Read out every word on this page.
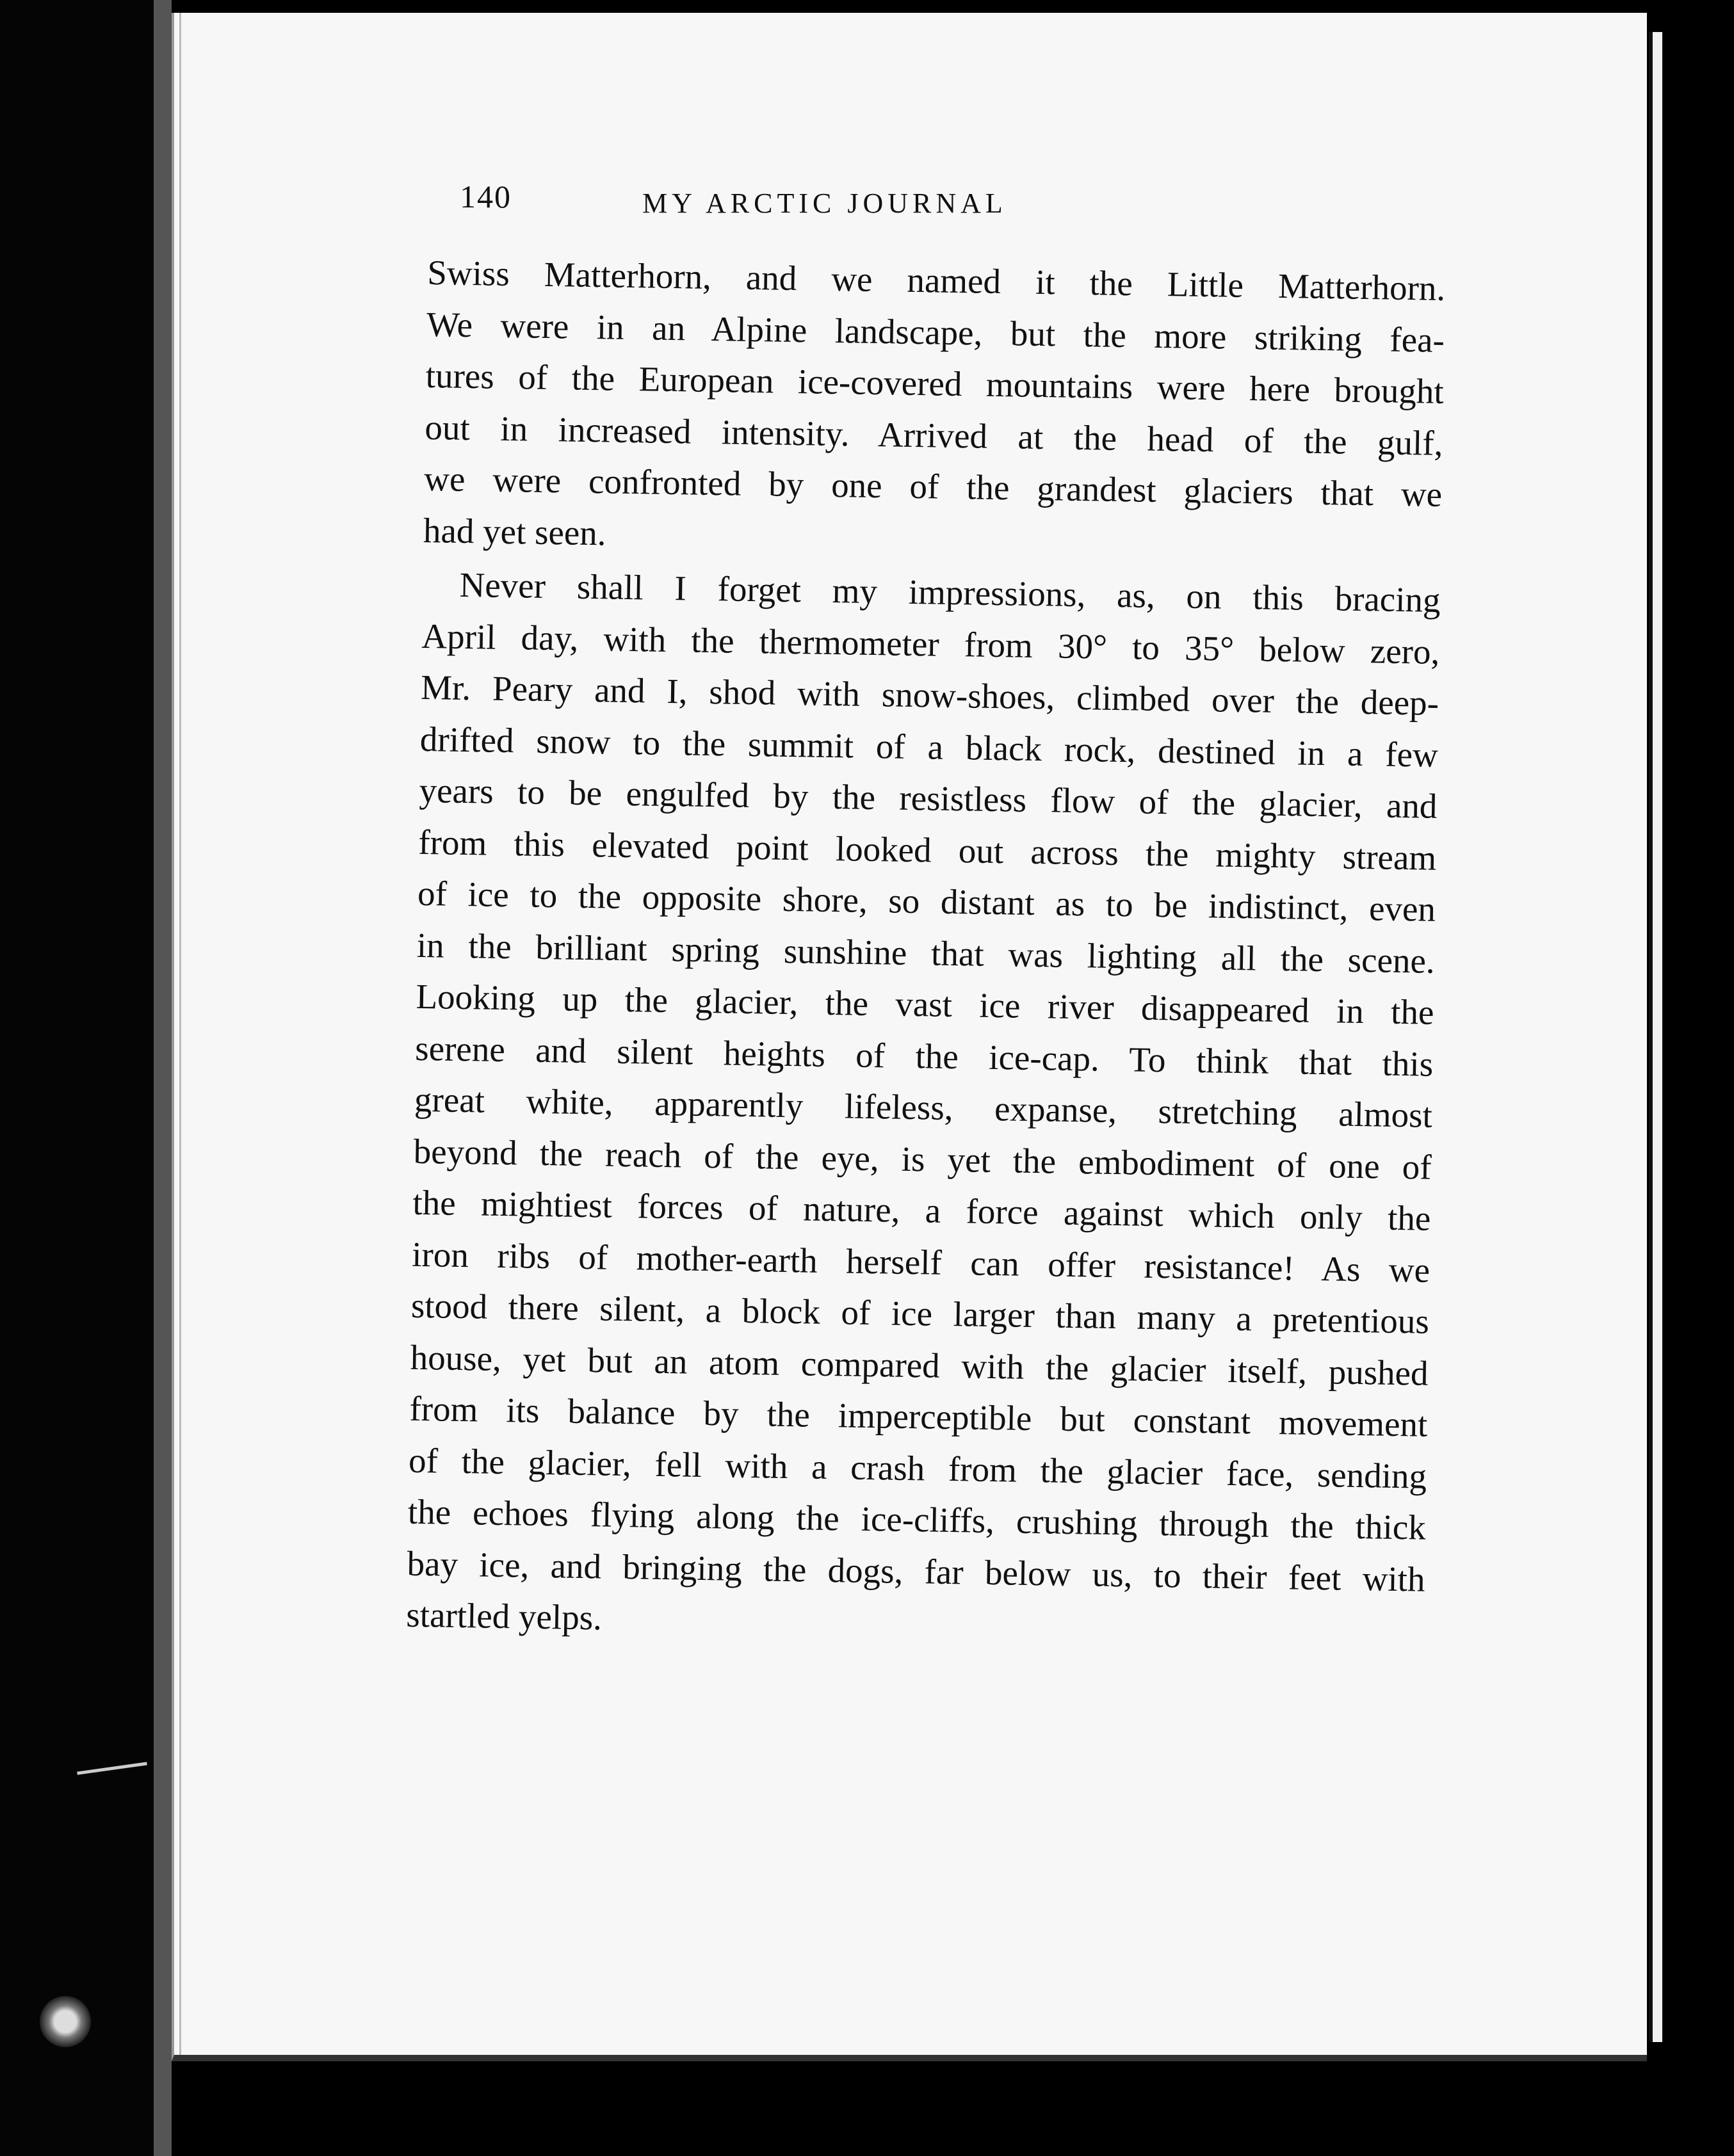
140	MY ARCTIC JOURNAL
Swiss Matterhorn, and we named it the Little Matterhorn.
We were in an Alpine landscape, but the more striking fea-
tures of the European ice-covered mountains were here brought
out in increased intensity. Arrived at the head of the gulf,
we were confronted by one of the grandest glaciers that we
had yet seen.
Never shall I forget my impressions, as, on this bracing
April day, with the thermometer from 30° to 35° below zero,
Mr. Peary and I, shod with snow-shoes, climbed over the deep-
drifted snow to the summit of a black rock, destined in a few
years to be engulfed by the resistless flow of the glacier, and
from this elevated point looked out across the mighty stream
of ice to the opposite shore, so distant as to be indistinct, even
in the brilliant spring sunshine that was lighting all the scene.
Looking up the glacier, the vast ice river disappeared in the
serene and silent heights of the ice-cap. To think that this
great white, apparently lifeless, expanse, stretching almost
beyond the reach of the eye, is yet the embodiment of one of
the mightiest forces of nature, a force against which only the
iron ribs of mother-earth herself can offer resistance! As we
stood there silent, a block of ice larger than many a pretentious
house, yet but an atom compared with the glacier itself, pushed
from its balance by the imperceptible but constant movement
of the glacier, fell with a crash from the glacier face, sending
the echoes flying along the ice-cliffs, crushing through the thick
bay ice, and bringing the dogs, far below us, to their feet with
startled yelps.
